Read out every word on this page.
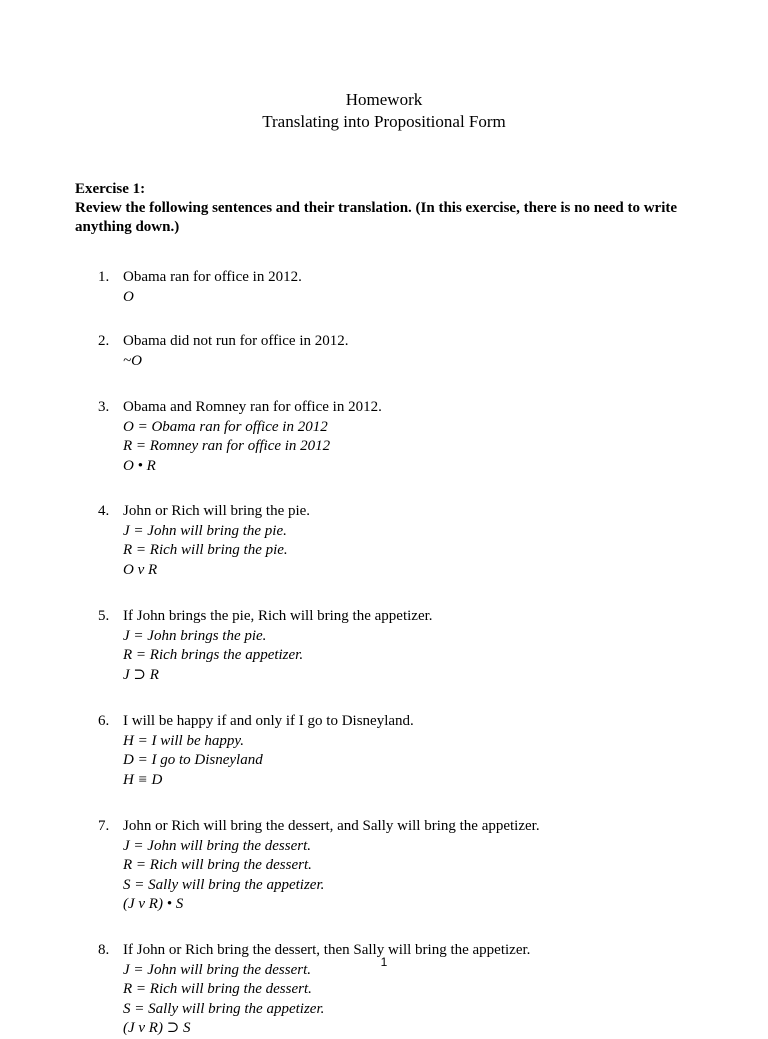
Homework
Translating into Propositional Form
Exercise 1:
Review the following sentences and their translation. (In this exercise, there is no need to write anything down.)
1. Obama ran for office in 2012.
O
2. Obama did not run for office in 2012.
~O
3. Obama and Romney ran for office in 2012.
O = Obama ran for office in 2012
R = Romney ran for office in 2012
O • R
4. John or Rich will bring the pie.
J = John will bring the pie.
R = Rich will bring the pie.
O v R
5. If John brings the pie, Rich will bring the appetizer.
J = John brings the pie.
R = Rich brings the appetizer.
J ⊃ R
6. I will be happy if and only if I go to Disneyland.
H = I will be happy.
D = I go to Disneyland
H ≡ D
7. John or Rich will bring the dessert, and Sally will bring the appetizer.
J = John will bring the dessert.
R = Rich will bring the dessert.
S = Sally will bring the appetizer.
(J v R) • S
8. If John or Rich bring the dessert, then Sally will bring the appetizer.
J = John will bring the dessert.
R = Rich will bring the dessert.
S = Sally will bring the appetizer.
(J v R) ⊃ S
1
